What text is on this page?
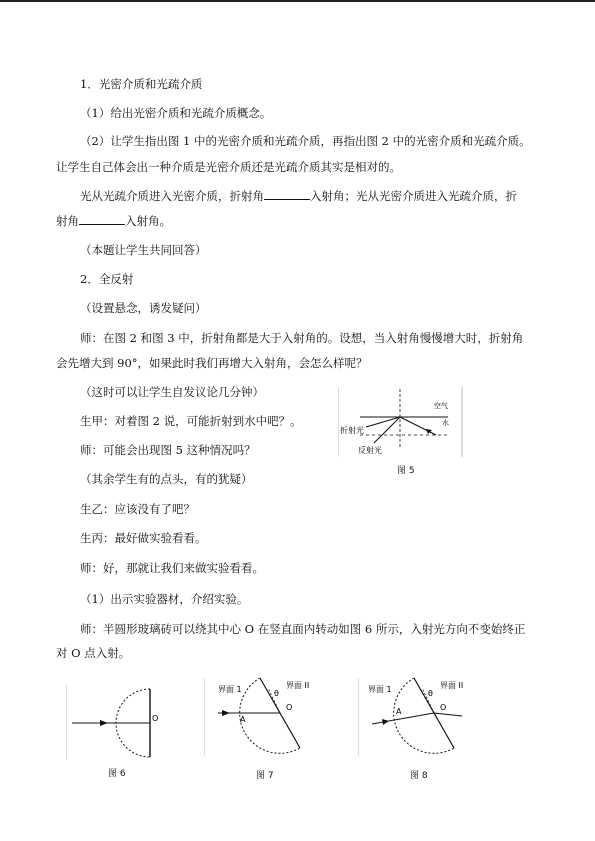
1．光密介质和光疏介质
（1）给出光密介质和光疏介质概念。
（2）让学生指出图 1 中的光密介质和光疏介质，再指出图 2 中的光密介质和光疏介质。
让学生自己体会出一种介质是光密介质还是光疏介质其实是相对的。
光从光疏介质进入光密介质，折射角	入射角；光从光密介质进入光疏介质，折
射角	入射角。
（本题让学生共同回答）
2．全反射
（设置悬念，诱发疑问）
师：在图 2 和图 3 中，折射角都是大于入射角的。设想，当入射角慢慢增大时，折射角
会先增大到 90°，如果此时我们再增大入射角，会怎么样呢？
（这时可以让学生自发议论几分钟）
生甲：对着图 2 说，可能折射到水中吧？。
师：可能会出现图 5 这种情况吗？
（其余学生有的点头，有的犹疑）
生乙：应该没有了吧？
生丙：最好做实验看看。
师：好，那就让我们来做实验看看。
（1）出示实验器材，介绍实验。
师：半圆形玻璃砖可以绕其中心 O 在竖直面内转动如图 6 所示，入射光方向不变始终正
对 O 点入射。
折射光
空气
水
反射光
图 5
O
图 6
界面 1	界面 II
θ
O
A
图 7
界面 1	界面 II
θ
O
A
图 8
